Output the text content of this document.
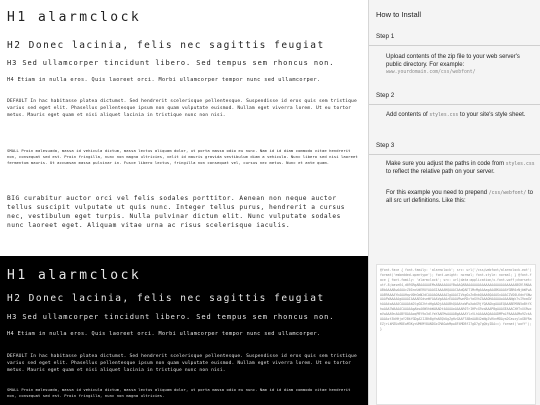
H1 alarmclock
H2 Donec lacinia, felis nec sagittis feugiat
H3 Sed ullamcorper tincidunt libero. Sed tempus sem rhoncus non.
H4 Etiam in nulla eros. Quis laoreet orci. Morbi ullamcorper tempor nunc sed ullamcorper.
DEFAULT In hac habitasse platea dictumst. Sed hendrerit scelerisque pellentesque. Suspendisse id eros quis sem tristique varius sed eget elit. Phasellus pellentesque ipsum non quam vulputate euismod. Nullam eget viverra lorem. Ut eu tortor metus. Mauris eget quam et nisi aliquet lacinia in tristique nunc non nisi.
SMALL Proin malesuada, massa id vehicula dictum, massa lectus aliquam dolor, ut porta massa odio eu nunc. Nam id id diam commodo vitae hendrerit non, consequat sed est. Proin fringilla, nunc non magna ultricies, velit id mauris gravida vestibulum diam a vehicula. Nunc libero sed nisi laoreet fermentum mauris. Ut accumsan massa pulvinar in. Fusce libero lectus, fringilla non consequat vel, cursus nec metus. Nunc et ante quam.
BIG curabitur auctor orci vel felis sodales porttitor. Aenean non neque auctor tellus suscipit vulputate ut quis nunc. Integer tellus purus, hendrerit a cursus nec, vestibulum eget turpis. Nulla pulvinar dictum elit. Nunc vulputate sodales nunc laoreet eget. Aliquam vitae urna ac risus scelerisque iaculis.
H1 alarmclock
H2 Donec lacinia, felis nec sagittis feugiat
H3 Sed ullamcorper tincidunt libero. Sed tempus sem rhoncus non.
H4 Etiam in nulla eros. Quis laoreet orci. Morbi ullamcorper tempor nunc sed ullamcorper.
DEFAULT In hac habitasse platea dictumst. Sed hendrerit scelerisque pellentesque. Suspendisse id eros quis sem tristique varius sed eget elit. Phasellus pellentesque ipsum non quam vulputate euismod. Nullam eget viverra lorem. Ut eu tortor metus. Mauris eget quam et nisi aliquet lacinia in tristique nunc non nisi.
SMALL Proin malesuada, massa id vehicula dictum, massa lectus aliquam dolor, ut porta massa odio eu nunc. Nam id id diam commodo vitae hendrerit non, consequat sed est. Proin fringilla, nunc non magna ultricies.
How to Install
Step 1
Upload contents of the zip file to your web server's public directory. For example:
www.yourdomain.com/css/webfont/
Step 2
Add contents of styles.css to your site's style sheet.
Step 3
Make sure you adjust the paths in code from styles.css to reflect the relative path on your server.
For this example you need to prepend /css/webfont/ to all src url definitions. Like this:
@font-face { font-family: 'alarmclock'; src: url('/css/webfont/alarmclock.eot') format('embedded-opentype'); font-weight: normal; font-style: normal; } @font-face { font-family: 'alarmclock'; src: url(data:application/x-font-woff;charset=utf-8;base64,d09GRgABAAAAAEMsABAAAAAAYBwAAQABAAAAAAAAAAAAAAAAAAAAAAAAAABGRlRNAAABbAAAABwAAAAcZ0ImcUdERUYAAAGIAAAAHQAAACAAdQAET1MvMgAAAagAAABKAAAAYGBR0zNjbWFwAAAB9AAAAYkAAAHqvU0hGmN2dCAAAAOAAAAAIgAAACIVkgGxZnBnbQAAA6QAAAGxAAACZVO0L6dnYXNwAAAFWAAAAAgAAAAIAAAAEGdseWYAAAVgAAAzEAAAVRwnM2cYaGVhZAAAOHAAAAAwAAAANgk7sI9oaGVhAAA4oAAAACAAAAAkDlgGO2htdHgAADjAAAABhQAAAhzWFwXwbG9jYQAAOkgAAAEQAAABEM5N5oBtYXhwAAA7WAAAACAAAAAgAbsA6W5hbWUAADt4AAAAoAAAAR0TrIHPcG9zdAAAPBgAAAGEAAACXHTvXXRwcmVwAAA9nAAABY8AAAoqPBY9o3dlYmYAAEMsAAAABgAAAAYlzVLhAAAAAQAAAADMPaLPAAAAAMo9ZckAAAAAzt3kHHjaY2BkYGDgA2IJBhBgYmAEQkUgZgHzGAAFTABeAAB42mNgZvRknMDAysDCasxyloGBYRaEZjrLkMZUxMDEwM3KycUMKMY8ANDGxCMAGwbMpw8F4MDBfI7gD7g7gQkyIDA==) format('woff'); }
